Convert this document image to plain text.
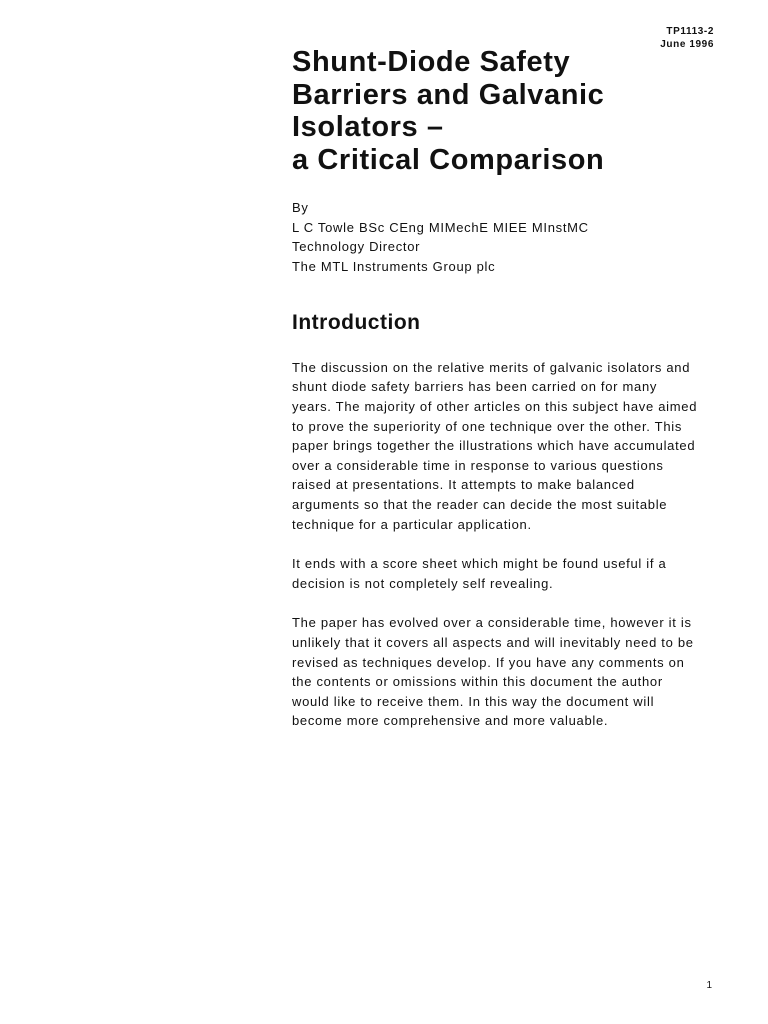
TP1113-2
June 1996
Shunt-Diode Safety
Barriers and Galvanic
Isolators –
a Critical Comparison
By
L C Towle BSc CEng MIMechE MIEE MInstMC
Technology Director
The MTL Instruments Group plc
Introduction

The discussion on the relative merits of galvanic isolators and
shunt diode safety barriers has been carried on for many
years. The majority of other articles on this subject have aimed
to prove the superiority of one technique over the other. This
paper brings together the illustrations which have accumulated
over a considerable time in response to various questions
raised at presentations. It attempts to make balanced
arguments so that the reader can decide the most suitable
technique for a particular application.

It ends with a score sheet which might be found useful if a
decision is not completely self revealing.

The paper has evolved over a considerable time, however it is
unlikely that it covers all aspects and will inevitably need to be
revised as techniques develop. If you have any comments on
the contents or omissions within this document the author
would like to receive them. In this way the document will
become more comprehensive and more valuable.

1
